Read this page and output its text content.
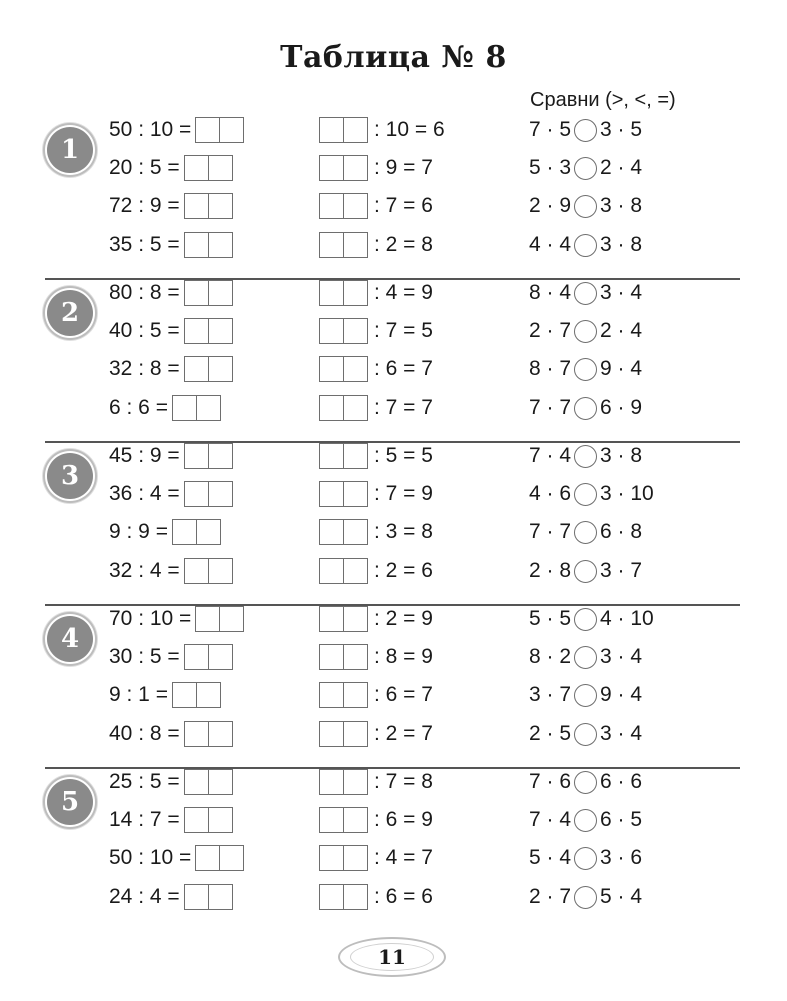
Таблица № 8
Сравни (>, <, =)
1
50 : 10 =	: 10 = 6	7 · 5 3 · 5
20 : 5 =	: 9 = 7	5 · 3 2 · 4
72 : 9 =	: 7 = 6	2 · 9 3 · 8
35 : 5 =	: 2 = 8	4 · 4 3 · 8
2
80 : 8 =	: 4 = 9	8 · 4 3 · 4
40 : 5 =	: 7 = 5	2 · 7 2 · 4
32 : 8 =	: 6 = 7	8 · 7 9 · 4
6 : 6 =	: 7 = 7	7 · 7 6 · 9
3
45 : 9 =	: 5 = 5	7 · 4 3 · 8
36 : 4 =	: 7 = 9	4 · 6 3 · 10
9 : 9 =	: 3 = 8	7 · 7 6 · 8
32 : 4 =	: 2 = 6	2 · 8 3 · 7
4
70 : 10 =	: 2 = 9	5 · 5 4 · 10
30 : 5 =	: 8 = 9	8 · 2 3 · 4
9 : 1 =	: 6 = 7	3 · 7 9 · 4
40 : 8 =	: 2 = 7	2 · 5 3 · 4
5
25 : 5 =	: 7 = 8	7 · 6 6 · 6
14 : 7 =	: 6 = 9	7 · 4 6 · 5
50 : 10 =	: 4 = 7	5 · 4 3 · 6
24 : 4 =	: 6 = 6	2 · 7 5 · 4
11
